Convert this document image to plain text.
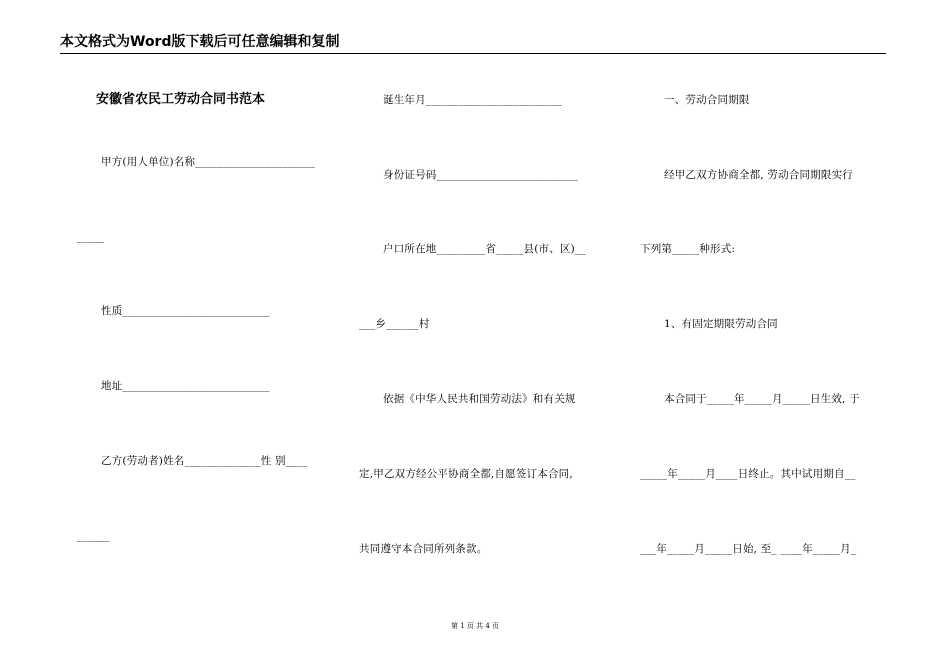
本文格式为Word版下载后可任意编辑和复制
安徽省农民工劳动合同书范本
甲方(用人单位)名称______________________
_____
性质___________________________
地址___________________________
乙方(劳动者)姓名______________性 别____
______
诞生年月_________________________
身份证号码__________________________
户口所在地_________省_____县(市、区)__
___乡______村
依据《中华人民共和国劳动法》和有关规
定,甲乙双方经公平协商全都,自愿签订本合同,
共同遵守本合同所列条款。
一、劳动合同期限
经甲乙双方协商全都, 劳动合同期限实行
下列第_____种形式:
1、有固定期限劳动合同
本合同于_____年_____月_____日生效, 于
_____年_____月____日终止。其中试用期自__
___年_____月_____日始, 至_ ____年_____月_
第 1 页 共 4 页
